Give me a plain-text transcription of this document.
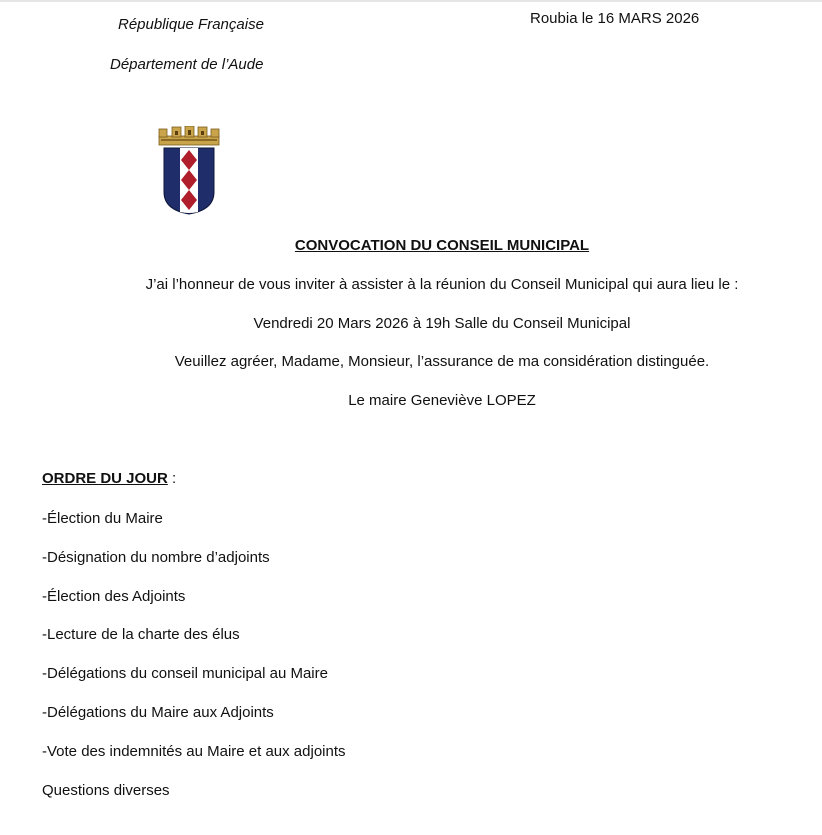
République Française
Département de l’Aude
Roubia le 16 MARS 2026
CONVOCATION DU CONSEIL MUNICIPAL
J’ai l’honneur de vous inviter à assister à la réunion du Conseil Municipal qui aura lieu le :
Vendredi 20 Mars 2026 à 19h Salle du Conseil Municipal
Veuillez agréer, Madame, Monsieur, l’assurance de ma considération distinguée.
Le maire Geneviève LOPEZ
ORDRE DU JOUR :
-Élection du Maire
-Désignation du nombre d’adjoints
-Élection des Adjoints
-Lecture de la charte des élus
-Délégations du conseil municipal au Maire
-Délégations du Maire aux Adjoints
-Vote des indemnités au Maire et aux adjoints
Questions diverses
